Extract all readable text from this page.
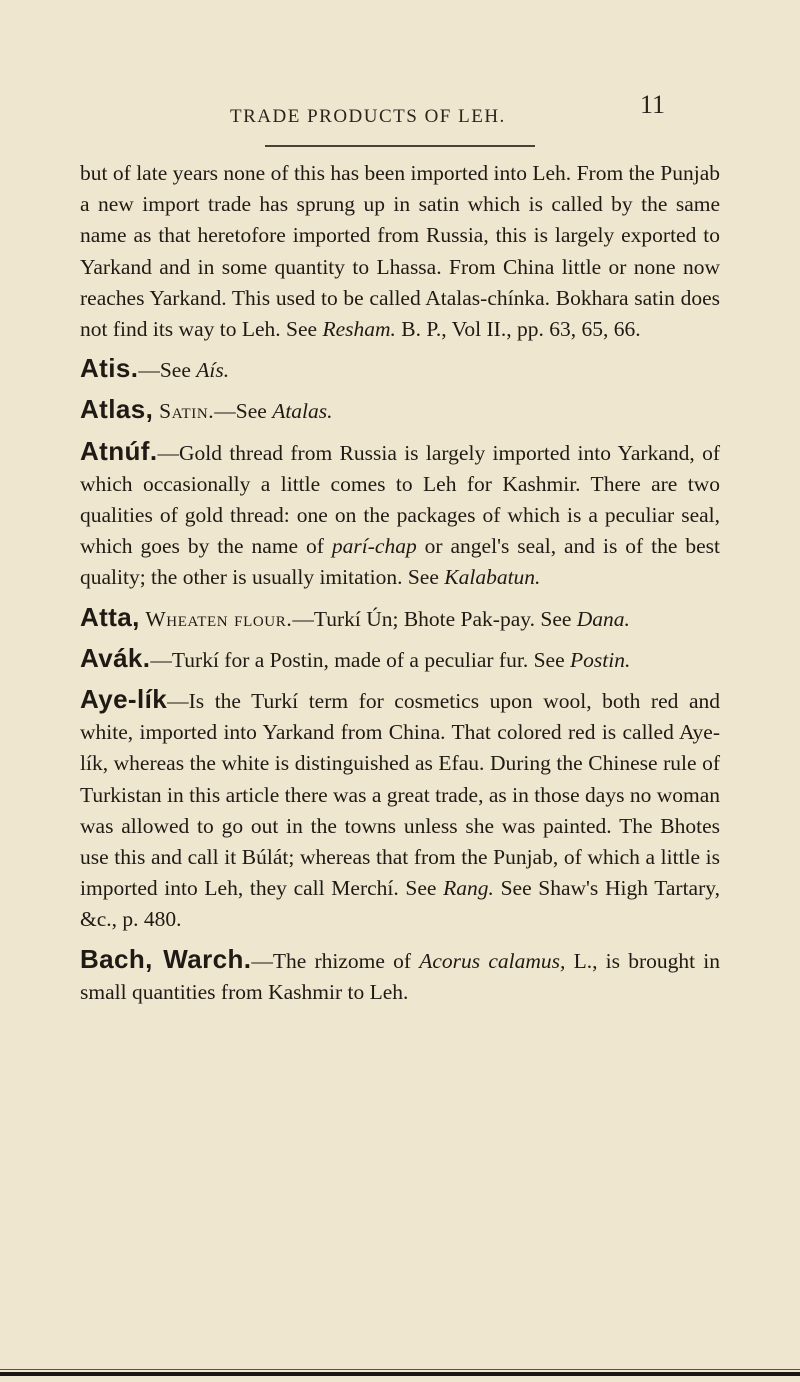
TRADE PRODUCTS OF LEH.	11

but of late years none of this has been imported into Leh. From the Punjab a new import trade has sprung up in satin which is called by the same name as that heretofore imported from Russia, this is largely exported to Yarkand and in some quantity to Lhassa. From China little or none now reaches Yarkand. This used to be called Atalas-chínka. Bokhara satin does not find its way to Leh. See Resham. B. P., Vol II., pp. 63, 65, 66.

Atis.—See Aís.

Atlas, Satin.—See Atalas.

Atnúf.—Gold thread from Russia is largely imported into Yarkand, of which occasionally a little comes to Leh for Kashmir. There are two qualities of gold thread: one on the packages of which is a peculiar seal, which goes by the name of parí-chap or angel's seal, and is of the best quality; the other is usually imitation. See Kalabatun.

Atta, Wheaten flour.—Turkí Ún; Bhote Pak-pay. See Dana.

Avák.—Turkí for a Postin, made of a peculiar fur. See Postin.

Aye-lík—Is the Turkí term for cosmetics upon wool, both red and white, imported into Yarkand from China. That colored red is called Aye-lík, whereas the white is distinguished as Efau. During the Chinese rule of Turkistan in this article there was a great trade, as in those days no woman was allowed to go out in the towns unless she was painted. The Bhotes use this and call it Búlát; whereas that from the Punjab, of which a little is imported into Leh, they call Merchí. See Rang. See Shaw's High Tartary, &c., p. 480.

Bach, Warch.—The rhizome of Acorus calamus, L., is brought in small quantities from Kashmir to Leh.
